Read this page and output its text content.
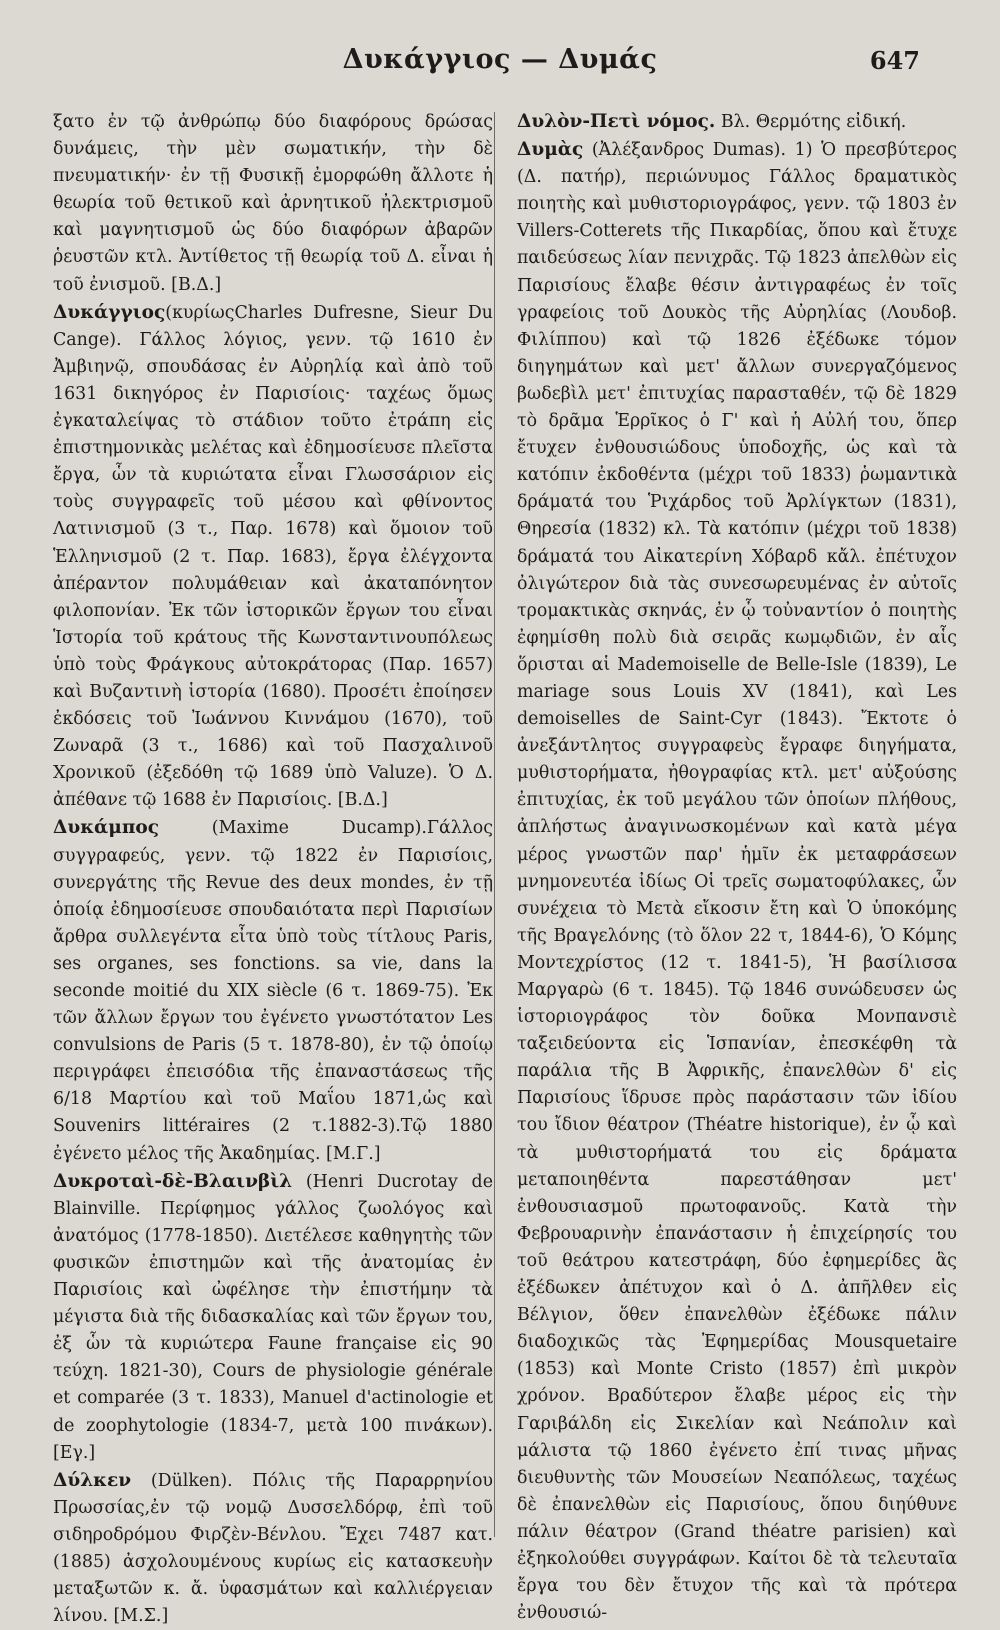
Δυκάγγιος — Δυμάς	647

ξατο ἐν τῷ ἀνθρώπῳ δύο διαφόρους δρώσας δυνάμεις, τὴν μὲν σωματικήν, τὴν δὲ πνευματικήν· ἐν τῇ Φυσικῇ ἐμορφώθη ἄλλοτε ἡ θεωρία τοῦ θετικοῦ καὶ ἀρνητικοῦ ἠλεκτρισμοῦ καὶ μαγνητισμοῦ ὡς δύο διαφόρων ἀβαρῶν ῥευστῶν κτλ. Ἀντίθετος τῇ θεωρίᾳ τοῦ Δ. εἶναι ἡ τοῦ ἐνισμοῦ. [Β.Δ.]

Δυκάγγιος(κυρίωςCharles Dufresne, Sieur Du Cange). Γάλλος λόγιος, γενν. τῷ 1610 ἐν Ἀμβιηνῷ, σπουδάσας ἐν Αὐρηλίᾳ καὶ ἀπὸ τοῦ 1631 δικηγόρος ἐν Παρισίοις· ταχέως ὅμως ἐγκαταλείψας τὸ στάδιον τοῦτο ἐτράπη εἰς ἐπιστημονικὰς μελέτας καὶ ἐδημοσίευσε πλεῖστα ἔργα, ὧν τὰ κυριώτατα εἶναι Γλωσσάριον εἰς τοὺς συγγραφεῖς τοῦ μέσου καὶ φθίνοντος Λατινισμοῦ (3 τ., Παρ. 1678) καὶ ὅμοιον τοῦ Ἑλληνισμοῦ (2 τ. Παρ. 1683), ἔργα ἐλέγχοντα ἀπέραντον πολυμάθειαν καὶ ἀκαταπόνητον φιλοπονίαν. Ἐκ τῶν ἱστορικῶν ἔργων του εἶναι Ἱστορία τοῦ κράτους τῆς Κωνσταντινουπόλεως ὑπὸ τοὺς Φράγκους αὐτοκράτορας (Παρ. 1657) καὶ Βυζαντινὴ ἱστορία (1680). Προσέτι ἐποίησεν ἐκδόσεις τοῦ Ἰωάννου Κιννάμου (1670), τοῦ Ζωναρᾶ (3 τ., 1686) καὶ τοῦ Πασχαλινοῦ Χρονικοῦ (ἐξεδόθη τῷ 1689 ὑπὸ Valuze). Ὁ Δ. ἀπέθανε τῷ 1688 ἐν Παρισίοις. [Β.Δ.]

Δυκάμπος (Maxime Ducamp).Γάλλος συγγραφεύς, γενν. τῷ 1822 ἐν Παρισίοις, συνεργάτης τῆς Revue des deux mondes, ἐν τῇ ὁποίᾳ ἐδημοσίευσε σπουδαιότατα περὶ Παρισίων ἄρθρα συλλεγέντα εἶτα ὑπὸ τοὺς τίτλους Paris, ses organes, ses fonctions. sa vie, dans la seconde moitié du XIX siècle (6 τ. 1869-75). Ἐκ τῶν ἄλλων ἔργων του ἐγένετο γνωστότατον Les convulsions de Paris (5 τ. 1878-80), ἐν τῷ ὁποίῳ περιγράφει ἐπεισόδια τῆς ἐπαναστάσεως τῆς 6/18 Μαρτίου καὶ τοῦ Μαΐου 1871,ὡς καὶ Souvenirs littéraires (2 τ.1882-3).Τῷ 1880 ἐγένετο μέλος τῆς Ἀκαδημίας. [Μ.Γ.]

Δυκροταὶ-δὲ-Βλαινβὶλ (Henri Ducrotay de Blainville. Περίφημος γάλλος ζωολόγος καὶ ἀνατόμος (1778-1850). Διετέλεσε καθηγητὴς τῶν φυσικῶν ἐπιστημῶν καὶ τῆς ἀνατομίας ἐν Παρισίοις καὶ ὠφέλησε τὴν ἐπιστήμην τὰ μέγιστα διὰ τῆς διδασκαλίας καὶ τῶν ἔργων του, ἐξ ὧν τὰ κυριώτερα Faune française εἰς 90 τεύχη. 1821-30), Cours de physiologie générale et comparée (3 τ. 1833), Manuel d'actinologie et de zoophytologie (1834-7, μετὰ 100 πινάκων). [Εγ.]

Δύλκεν (Dülken). Πόλις τῆς Παραρρηνίου Πρωσσίας,ἐν τῷ νομῷ Δυσσελδόρφ, ἐπὶ τοῦ σιδηροδρόμου Φιρζὲν-Βένλου. Ἔχει 7487 κατ. (1885) ἀσχολουμένους κυρίως εἰς κατασκευὴν μεταξωτῶν κ. ἄ. ὑφασμάτων καὶ καλλιέργειαν λίνου. [Μ.Σ.]

Δυλὸν-Πετὶ νόμος. Βλ. Θερμότης εἰδική.

Δυμὰς (Ἀλέξανδρος Dumas). 1) Ὁ πρεσβύτερος (Δ. πατήρ), περιώνυμος Γάλλος δραματικὸς ποιητὴς καὶ μυθιστοριογράφος, γενν. τῷ 1803 ἐν Villers-Cotterets τῆς Πικαρδίας, ὅπου καὶ ἔτυχε παιδεύσεως λίαν πενιχρᾶς. Τῷ 1823 ἀπελθὼν εἰς Παρισίους ἔλαβε θέσιν ἀντιγραφέως ἐν τοῖς γραφείοις τοῦ Δουκὸς τῆς Αὐρηλίας (Λουδοβ. Φιλίππου) καὶ τῷ 1826 ἐξέδωκε τόμον διηγημάτων καὶ μετ' ἄλλων συνεργαζόμενος βωδεβὶλ μετ' ἐπιτυχίας παρασταθέν, τῷ δὲ 1829 τὸ δρᾶμα Ἑρρῖκος ὁ Γ' καὶ ἡ Αὐλή του, ὅπερ ἔτυχεν ἐνθουσιώδους ὑποδοχῆς, ὡς καὶ τὰ κατόπιν ἐκδοθέντα (μέχρι τοῦ 1833) ῥωμαντικὰ δράματά του Ῥιχάρδος τοῦ Ἀρλίγκτων (1831), Θηρεσία (1832) κλ. Τὰ κατόπιν (μέχρι τοῦ 1838) δράματά του Αἰκατερίνη Χόβαρδ κἄλ. ἐπέτυχον ὀλιγώτερον διὰ τὰς συνεσωρευμένας ἐν αὐτοῖς τρομακτικὰς σκηνάς, ἐν ᾧ τοὐναντίον ὁ ποιητὴς ἐφημίσθη πολὺ διὰ σειρᾶς κωμῳδιῶν, ἐν αἷς ὅρισται αἱ Mademoiselle de Belle-Isle (1839), Le mariage sous Louis XV (1841), καὶ Les demoiselles de Saint-Cyr (1843). Ἔκτοτε ὁ ἀνεξάντλητος συγγραφεὺς ἔγραφε διηγήματα, μυθιστορήματα, ἠθογραφίας κτλ. μετ' αὐξούσης ἐπιτυχίας, ἐκ τοῦ μεγάλου τῶν ὁποίων πλήθους, ἀπλήστως ἀναγινωσκομένων καὶ κατὰ μέγα μέρος γνωστῶν παρ' ἡμῖν ἐκ μεταφράσεων μνημονευτέα ἰδίως Οἱ τρεῖς σωματοφύλακες, ὧν συνέχεια τὸ Μετὰ εἴκοσιν ἔτη καὶ Ὁ ὑποκόμης τῆς Βραγελόνης (τὸ ὅλον 22 τ, 1844-6), Ὁ Κόμης Μοντεχρίστος (12 τ. 1841-5), Ἡ βασίλισσα Μαργαρὼ (6 τ. 1845). Τῷ 1846 συνώδευσεν ὡς ἱστοριογράφος τὸν δοῦκα Μονπανσιὲ ταξειδεύοντα εἰς Ἱσπανίαν, ἐπεσκέφθη τὰ παράλια τῆς Β Ἀφρικῆς, ἐπανελθὼν δ' εἰς Παρισίους ἵδρυσε πρὸς παράστασιν τῶν ἰδίου του ἴδιον θέατρον (Théatre historique), ἐν ᾧ καὶ τὰ μυθιστορήματά του εἰς δράματα μεταποιηθέντα παρεστάθησαν μετ' ἐνθουσιασμοῦ πρωτοφανοῦς. Κατὰ τὴν Φεβρουαρινὴν ἐπανάστασιν ἡ ἐπιχείρησίς του τοῦ θεάτρου κατεστράφη, δύο ἐφημερίδες ἃς ἐξέδωκεν ἀπέτυχον καὶ ὁ Δ. ἀπῆλθεν εἰς Βέλγιον, ὅθεν ἐπανελθὼν ἐξέδωκε πάλιν διαδοχικῶς τὰς Ἐφημερίδας Mousquetaire (1853) καὶ Monte Cristo (1857) ἐπὶ μικρὸν χρόνον. Βραδύτερον ἔλαβε μέρος εἰς τὴν Γαριβάλδη εἰς Σικελίαν καὶ Νεάπολιν καὶ μάλιστα τῷ 1860 ἐγένετο ἐπί τινας μῆνας διευθυντὴς τῶν Μουσείων Νεαπόλεως, ταχέως δὲ ἐπανελθὼν εἰς Παρισίους, ὅπου διηύθυνε πάλιν θέατρον (Grand théatre parisien) καὶ ἐξηκολούθει συγγράφων. Καίτοι δὲ τὰ τελευταῖα ἔργα του δὲν ἔτυχον τῆς καὶ τὰ πρότερα ἐνθουσιώ-
